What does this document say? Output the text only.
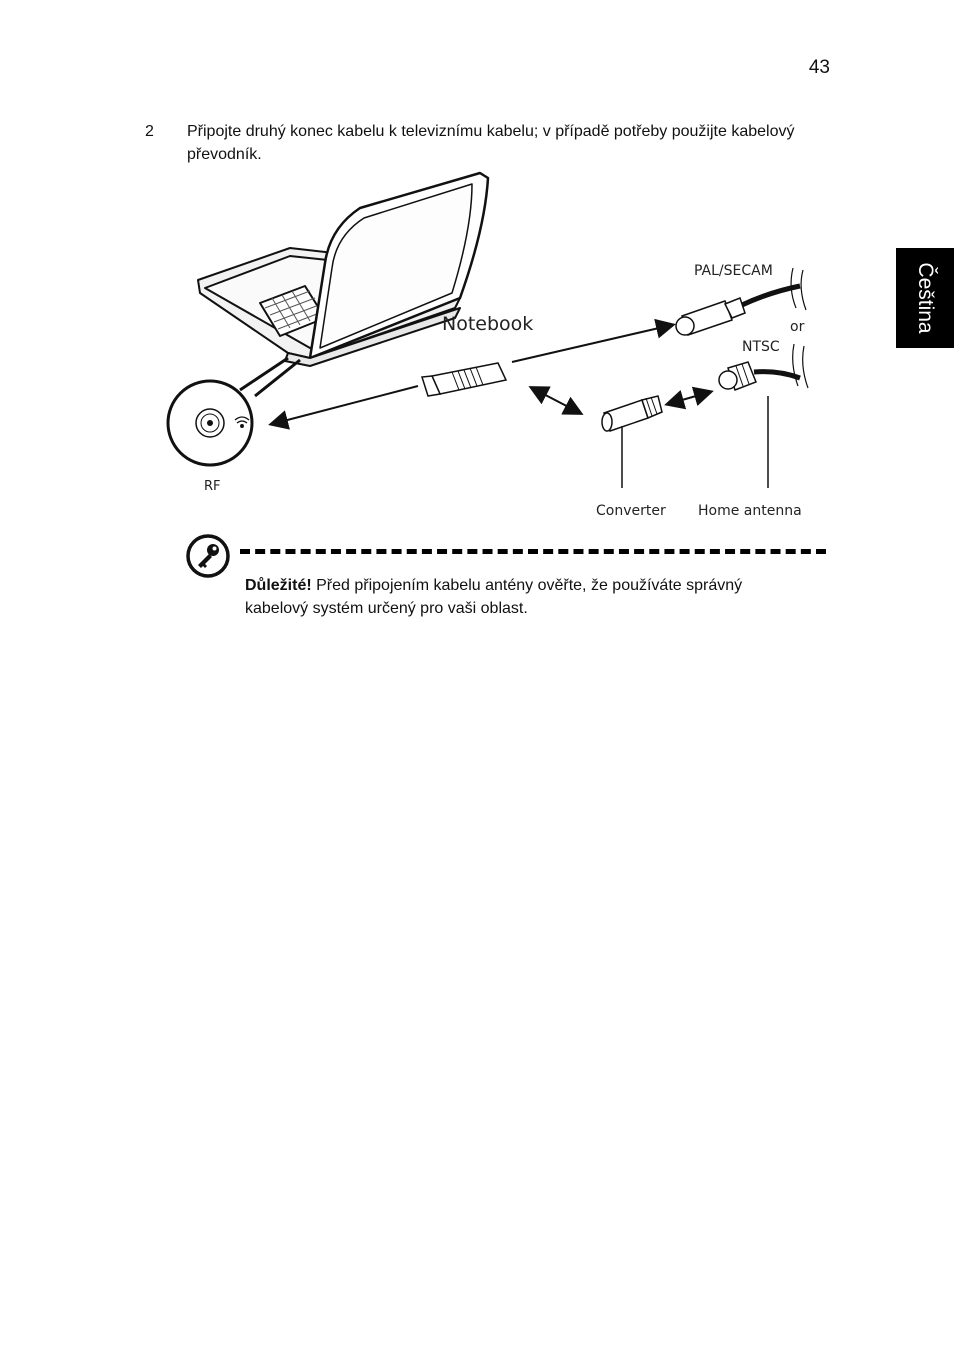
43
Čeština
2 Připojte druhý konec kabelu k televiznímu kabelu; v případě potřeby použijte kabelový převodník.
Notebook
RF
PAL/SECAM
or
NTSC
Converter Home antenna
Důležité! Před připojením kabelu antény ověřte, že používáte správný kabelový systém určený pro vaši oblast.
